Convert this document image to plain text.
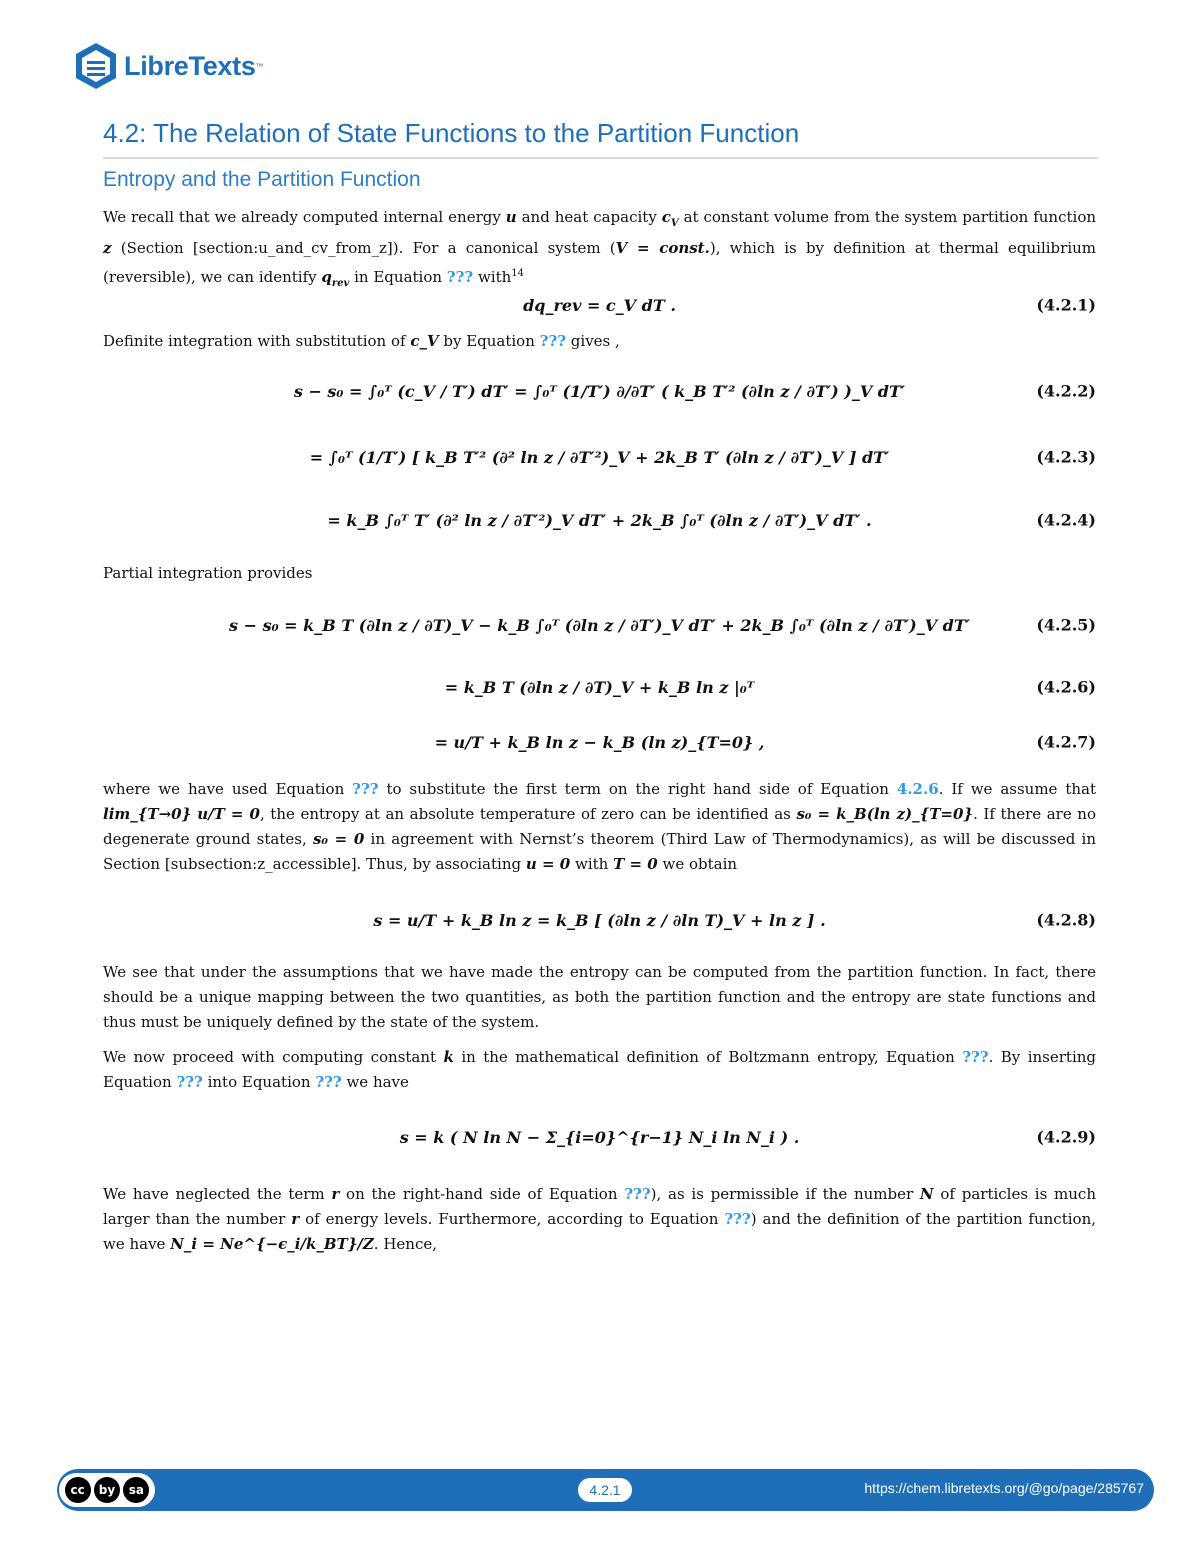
LibreTexts ™
4.2: The Relation of State Functions to the Partition Function
Entropy and the Partition Function
We recall that we already computed internal energy u and heat capacity $c_V$ at constant volume from the system partition function z (Section [section:u_and_cv_from_z]). For a canonical system (V = const.), which is by definition at thermal equilibrium (reversible), we can identify $q_{rev}$ in Equation ??? with$^{14}$
dq_rev = c_V dT .	(4.2.1)
Definite integration with substitution of c_V by Equation ??? gives ,
s − s₀ = ∫₀ᵀ (c_V / T′) dT′ = ∫₀ᵀ (1/T′) ∂/∂T′ ( k_B T′² (∂ln z / ∂T′) )_V dT′	(4.2.2)
= ∫₀ᵀ (1/T′) [ k_B T′² (∂² ln z / ∂T′²)_V + 2k_B T′ (∂ln z / ∂T′)_V ] dT′	(4.2.3)
= k_B ∫₀ᵀ T′ (∂² ln z / ∂T′²)_V dT′ + 2k_B ∫₀ᵀ (∂ln z / ∂T′)_V dT′ .	(4.2.4)
Partial integration provides
s − s₀ = k_B T (∂ln z / ∂T)_V − k_B ∫₀ᵀ (∂ln z / ∂T′)_V dT′ + 2k_B ∫₀ᵀ (∂ln z / ∂T′)_V dT′	(4.2.5)
= k_B T (∂ln z / ∂T)_V + k_B ln z |₀ᵀ	(4.2.6)
= u/T + k_B ln z − k_B (ln z)_{T=0} ,	(4.2.7)
where we have used Equation ??? to substitute the first term on the right hand side of Equation 4.2.6. If we assume that lim_{T→0} u/T = 0, the entropy at an absolute temperature of zero can be identified as s₀ = k_B(ln z)_{T=0}. If there are no degenerate ground states, s₀ = 0 in agreement with Nernst’s theorem (Third Law of Thermodynamics), as will be discussed in Section [subsection:z_accessible]. Thus, by associating u = 0 with T = 0 we obtain
s = u/T + k_B ln z = k_B [ (∂ln z / ∂ln T)_V + ln z ] .	(4.2.8)
We see that under the assumptions that we have made the entropy can be computed from the partition function. In fact, there should be a unique mapping between the two quantities, as both the partition function and the entropy are state functions and thus must be uniquely defined by the state of the system.
We now proceed with computing constant k in the mathematical definition of Boltzmann entropy, Equation ???. By inserting Equation ??? into Equation ??? we have
s = k ( N ln N − Σ_{i=0}^{r−1} N_i ln N_i ) .	(4.2.9)
We have neglected the term r on the right-hand side of Equation ???), as is permissible if the number N of particles is much larger than the number r of energy levels. Furthermore, according to Equation ???) and the definition of the partition function, we have N_i = Ne^{−ϵ_i/k_BT}/Z. Hence,
cc	by	sa	4.2.1	https://chem.libretexts.org/@go/page/285767
